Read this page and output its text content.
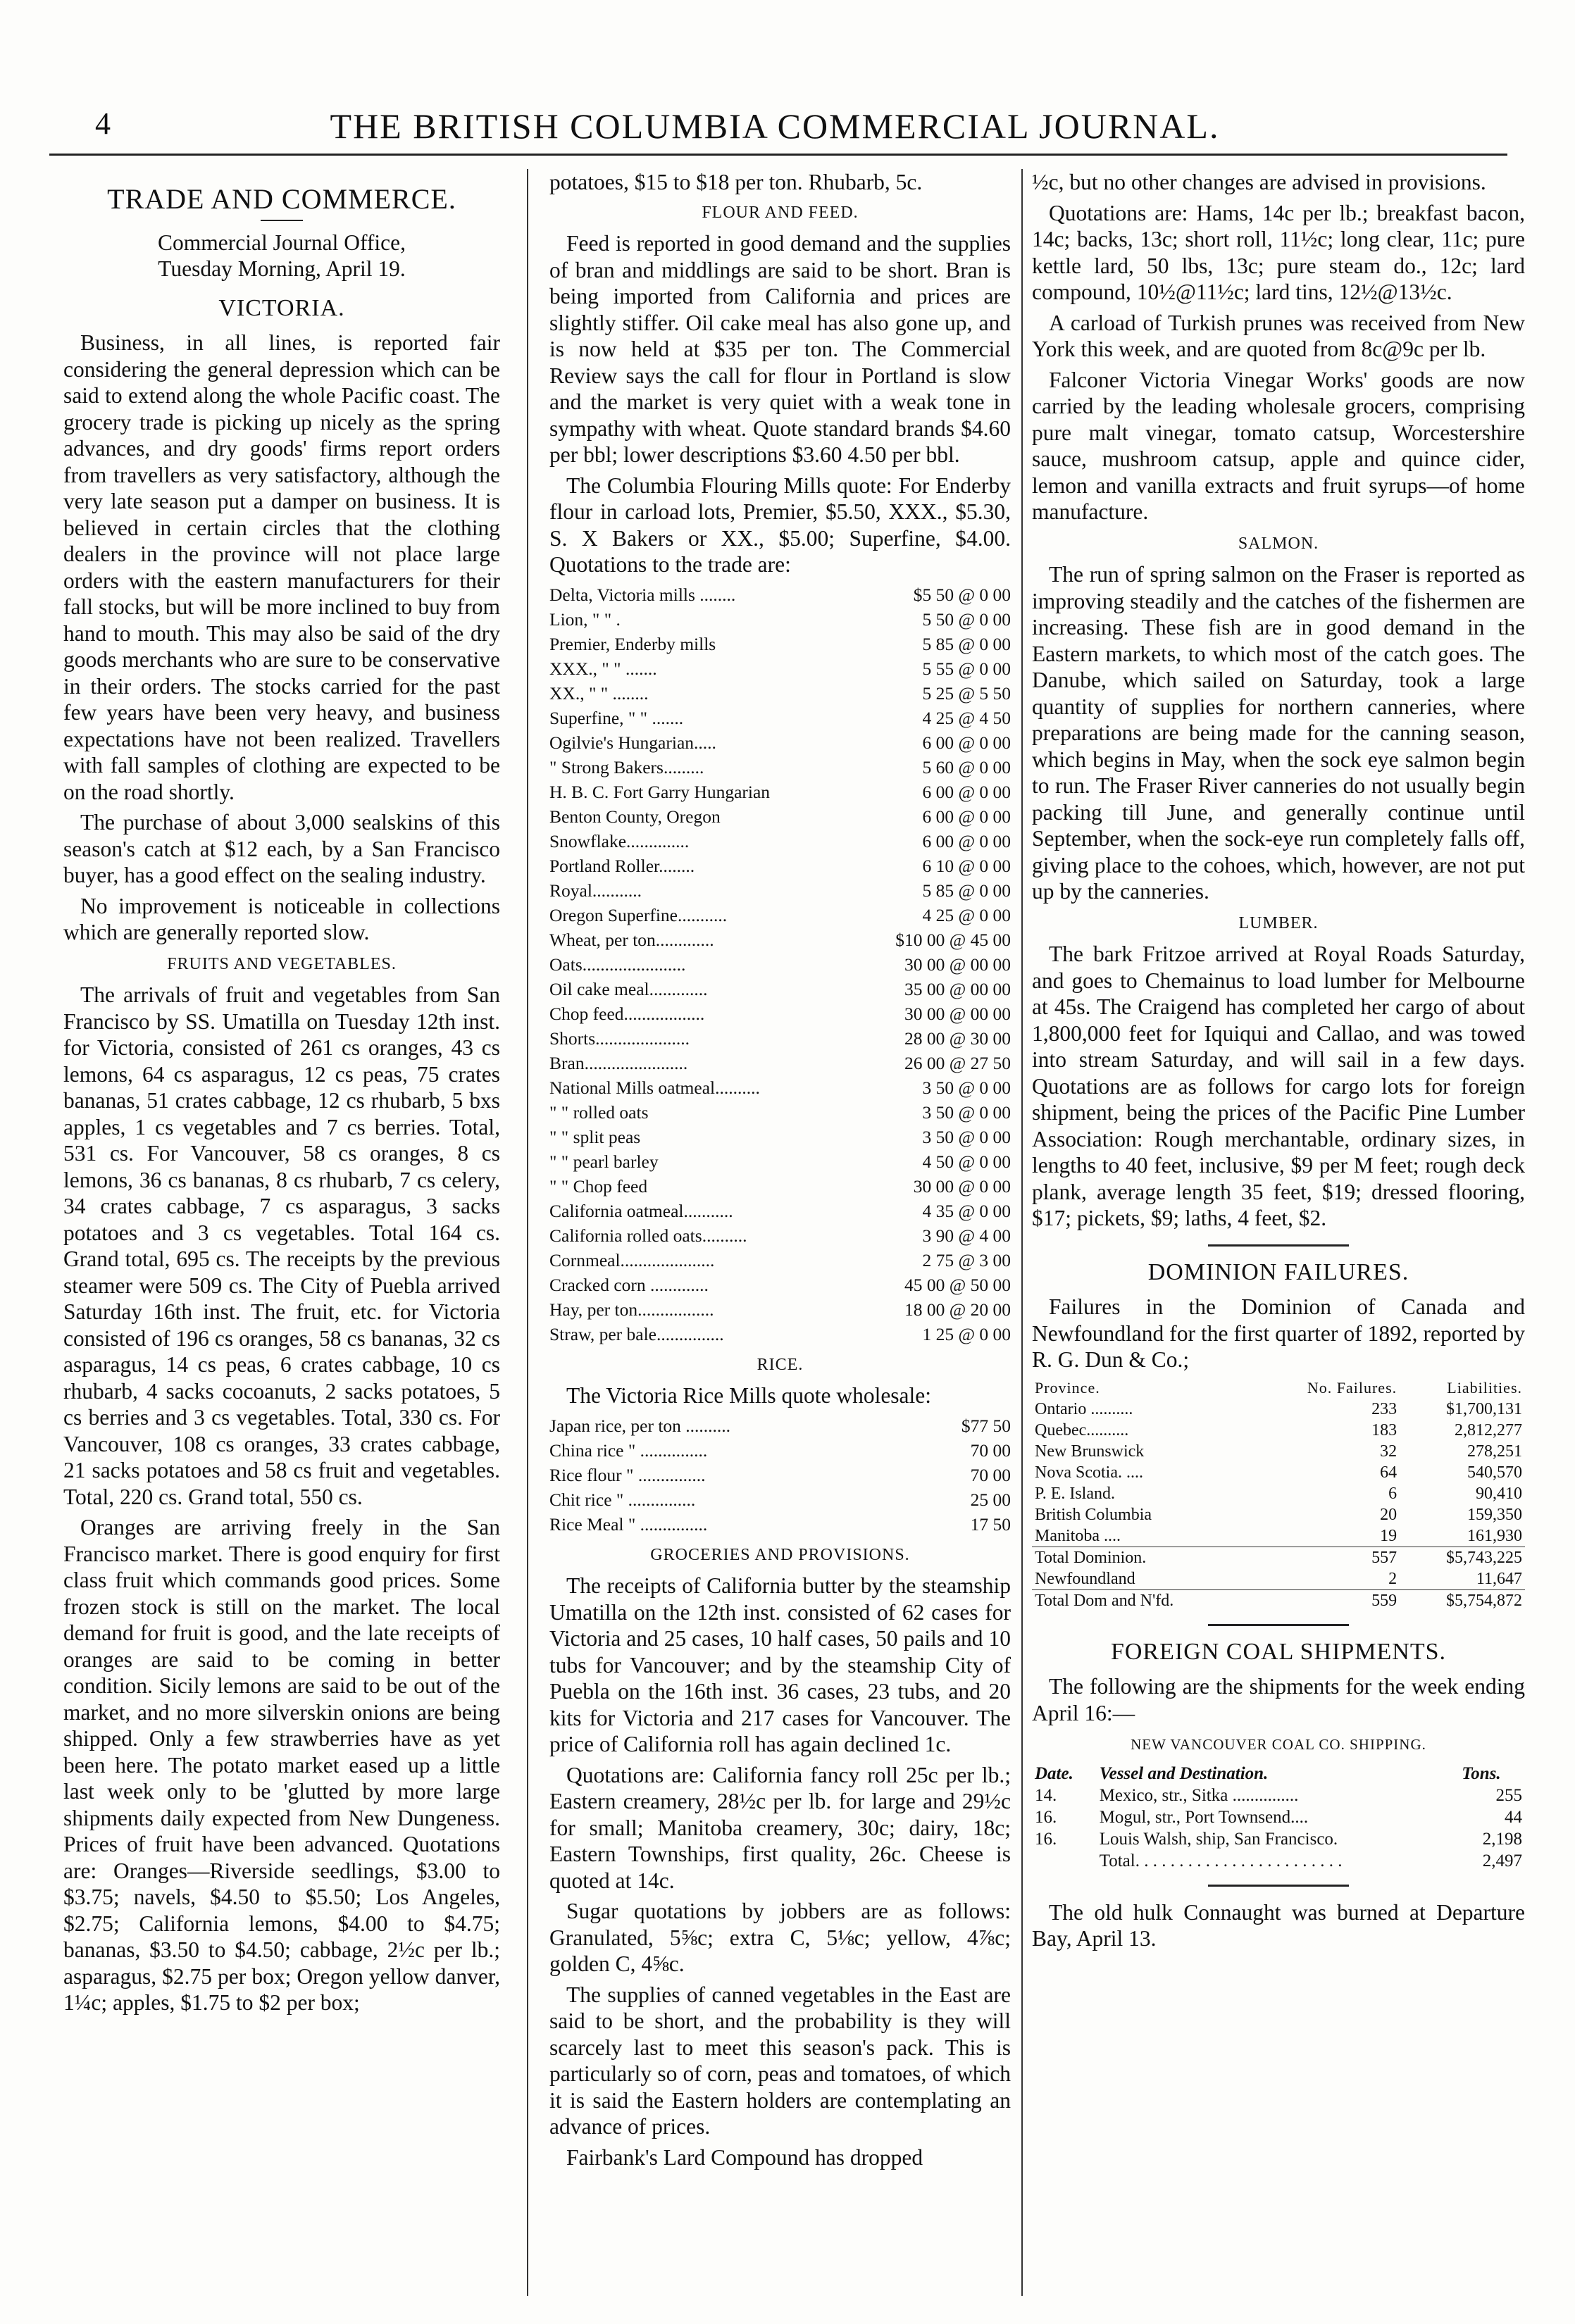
4	THE BRITISH COLUMBIA COMMERCIAL JOURNAL.
TRADE AND COMMERCE.

Commercial Journal Office,

Tuesday Morning, April 19.

VICTORIA.

Business, in all lines, is reported fair considering the general depression which can be said to extend along the whole Pacific coast. The grocery trade is picking up nicely as the spring advances, and dry goods' firms report orders from travellers as very satisfactory, although the very late season put a damper on business. It is believed in certain circles that the clothing dealers in the province will not place large orders with the eastern manufacturers for their fall stocks, but will be more inclined to buy from hand to mouth. This may also be said of the dry goods merchants who are sure to be conservative in their orders. The stocks carried for the past few years have been very heavy, and business expectations have not been realized. Travellers with fall samples of clothing are expected to be on the road shortly.

The purchase of about 3,000 sealskins of this season's catch at $12 each, by a San Francisco buyer, has a good effect on the sealing industry.

No improvement is noticeable in collections which are generally reported slow.

FRUITS AND VEGETABLES.

The arrivals of fruit and vegetables from San Francisco by SS. Umatilla on Tuesday 12th inst. for Victoria, consisted of 261 cs oranges, 43 cs lemons, 64 cs asparagus, 12 cs peas, 75 crates bananas, 51 crates cabbage, 12 cs rhubarb, 5 bxs apples, 1 cs vegetables and 7 cs berries. Total, 531 cs. For Vancouver, 58 cs oranges, 8 cs lemons, 36 cs bananas, 8 cs rhubarb, 7 cs celery, 34 crates cabbage, 7 cs asparagus, 3 sacks potatoes and 3 cs vegetables. Total 164 cs. Grand total, 695 cs. The receipts by the previous steamer were 509 cs. The City of Puebla arrived Saturday 16th inst. The fruit, etc. for Victoria consisted of 196 cs oranges, 58 cs bananas, 32 cs asparagus, 14 cs peas, 6 crates cabbage, 10 cs rhubarb, 4 sacks cocoanuts, 2 sacks potatoes, 5 cs berries and 3 cs vegetables. Total, 330 cs. For Vancouver, 108 cs oranges, 33 crates cabbage, 21 sacks potatoes and 58 cs fruit and vegetables. Total, 220 cs. Grand total, 550 cs.

Oranges are arriving freely in the San Francisco market. There is good enquiry for first class fruit which commands good prices. Some frozen stock is still on the market. The local demand for fruit is good, and the late receipts of oranges are said to be coming in better condition. Sicily lemons are said to be out of the market, and no more silverskin onions are being shipped. Only a few strawberries have as yet been here. The potato market eased up a little last week only to be 'glutted by more large shipments daily expected from New Dungeness. Prices of fruit have been advanced. Quotations are: Oranges—Riverside seedlings, $3.00 to $3.75; navels, $4.50 to $5.50; Los Angeles, $2.75; California lemons, $4.00 to $4.75; bananas, $3.50 to $4.50; cabbage, 2½c per lb.; asparagus, $2.75 per box; Oregon yellow danver, 1¼c; apples, $1.75 to $2 per box;

potatoes, $15 to $18 per ton. Rhubarb, 5c.

FLOUR AND FEED.

Feed is reported in good demand and the supplies of bran and middlings are said to be short. Bran is being imported from California and prices are slightly stiffer. Oil cake meal has also gone up, and is now held at $35 per ton. The Commercial Review says the call for flour in Portland is slow and the market is very quiet with a weak tone in sympathy with wheat. Quote standard brands $4.60 per bbl; lower descriptions $3.60 4.50 per bbl.

The Columbia Flouring Mills quote: For Enderby flour in carload lots, Premier, $5.50, XXX., $5.30, S. X Bakers or XX., $5.00; Superfine, $4.00. Quotations to the trade are:

Delta, Victoria mills ........	$5 50 @ 0 00
Lion, " " .	5 50 @ 0 00
Premier, Enderby mills	5 85 @ 0 00
XXX., " " .......	5 55 @ 0 00
XX., " " ........	5 25 @ 5 50
Superfine, " " .......	4 25 @ 4 50
Ogilvie's Hungarian.....	6 00 @ 0 00
" Strong Bakers.........	5 60 @ 0 00
H. B. C. Fort Garry Hungarian	6 00 @ 0 00
Benton County, Oregon	6 00 @ 0 00
Snowflake..............	6 00 @ 0 00
Portland Roller........	6 10 @ 0 00
Royal...........	5 85 @ 0 00
Oregon Superfine...........	4 25 @ 0 00
Wheat, per ton.............	$10 00 @ 45 00
Oats.......................	30 00 @ 00 00
Oil cake meal.............	35 00 @ 00 00
Chop feed..................	30 00 @ 00 00
Shorts.....................	28 00 @ 30 00
Bran.......................	26 00 @ 27 50
National Mills oatmeal..........	3 50 @ 0 00
" " rolled oats	3 50 @ 0 00
" " split peas	3 50 @ 0 00
" " pearl barley	4 50 @ 0 00
" " Chop feed	30 00 @ 0 00
California oatmeal...........	4 35 @ 0 00
California rolled oats..........	3 90 @ 4 00
Cornmeal.....................	2 75 @ 3 00
Cracked corn .............	45 00 @ 50 00
Hay, per ton.................	18 00 @ 20 00
Straw, per bale...............	1 25 @ 0 00
RICE.

The Victoria Rice Mills quote wholesale:

Japan rice, per ton ..........	$77 50
China rice " ...............	70 00
Rice flour " ...............	70 00
Chit rice " ...............	25 00
Rice Meal " ...............	17 50
GROCERIES AND PROVISIONS.

The receipts of California butter by the steamship Umatilla on the 12th inst. consisted of 62 cases for Victoria and 25 cases, 10 half cases, 50 pails and 10 tubs for Vancouver; and by the steamship City of Puebla on the 16th inst. 36 cases, 23 tubs, and 20 kits for Victoria and 217 cases for Vancouver. The price of California roll has again declined 1c.

Quotations are: California fancy roll 25c per lb.; Eastern creamery, 28½c per lb. for large and 29½c for small; Manitoba creamery, 30c; dairy, 18c; Eastern Townships, first quality, 26c. Cheese is quoted at 14c.

Sugar quotations by jobbers are as follows: Granulated, 5⅝c; extra C, 5⅛c; yellow, 4⅞c; golden C, 4⅝c.

The supplies of canned vegetables in the East are said to be short, and the probability is they will scarcely last to meet this season's pack. This is particularly so of corn, peas and tomatoes, of which it is said the Eastern holders are contemplating an advance of prices.

Fairbank's Lard Compound has dropped

½c, but no other changes are advised in provisions.

Quotations are: Hams, 14c per lb.; breakfast bacon, 14c; backs, 13c; short roll, 11½c; long clear, 11c; pure kettle lard, 50 lbs, 13c; pure steam do., 12c; lard compound, 10½@11½c; lard tins, 12½@13½c.

A carload of Turkish prunes was received from New York this week, and are quoted from 8c@9c per lb.

Falconer Victoria Vinegar Works' goods are now carried by the leading wholesale grocers, comprising pure malt vinegar, tomato catsup, Worcestershire sauce, mushroom catsup, apple and quince cider, lemon and vanilla extracts and fruit syrups—of home manufacture.

SALMON.

The run of spring salmon on the Fraser is reported as improving steadily and the catches of the fishermen are increasing. These fish are in good demand in the Eastern markets, to which most of the catch goes. The Danube, which sailed on Saturday, took a large quantity of supplies for northern canneries, where preparations are being made for the canning season, which begins in May, when the sock eye salmon begin to run. The Fraser River canneries do not usually begin packing till June, and generally continue until September, when the sock-eye run completely falls off, giving place to the cohoes, which, however, are not put up by the canneries.

LUMBER.

The bark Fritzoe arrived at Royal Roads Saturday, and goes to Chemainus to load lumber for Melbourne at 45s. The Craigend has completed her cargo of about 1,800,000 feet for Iquiqui and Callao, and was towed into stream Saturday, and will sail in a few days. Quotations are as follows for cargo lots for foreign shipment, being the prices of the Pacific Pine Lumber Association: Rough merchantable, ordinary sizes, in lengths to 40 feet, inclusive, $9 per M feet; rough deck plank, average length 35 feet, $19; dressed flooring, $17; pickets, $9; laths, 4 feet, $2.

DOMINION FAILURES.

Failures in the Dominion of Canada and Newfoundland for the first quarter of 1892, reported by R. G. Dun & Co.;

Province.	No. Failures.	Liabilities.
Ontario ..........	233	$1,700,131
Quebec..........	183	2,812,277
New Brunswick	32	278,251
Nova Scotia. ....	64	540,570
P. E. Island.	6	90,410
British Columbia	20	159,350
Manitoba ....	19	161,930
Total Dominion.	557	$5,743,225
Newfoundland	2	11,647
Total Dom and N'fd.	559	$5,754,872
FOREIGN COAL SHIPMENTS.

The following are the shipments for the week ending April 16:—

NEW VANCOUVER COAL CO. SHIPPING.
Date.	Vessel and Destination.	Tons.
14.	Mexico, str., Sitka ...............	255
16.	Mogul, str., Port Townsend....	44
16.	Louis Walsh, ship, San Francisco.	2,198
	Total. . . . . . . . . . . . . . . . . . . . . . . .	2,497

The old hulk Connaught was burned at Departure Bay, April 13.
